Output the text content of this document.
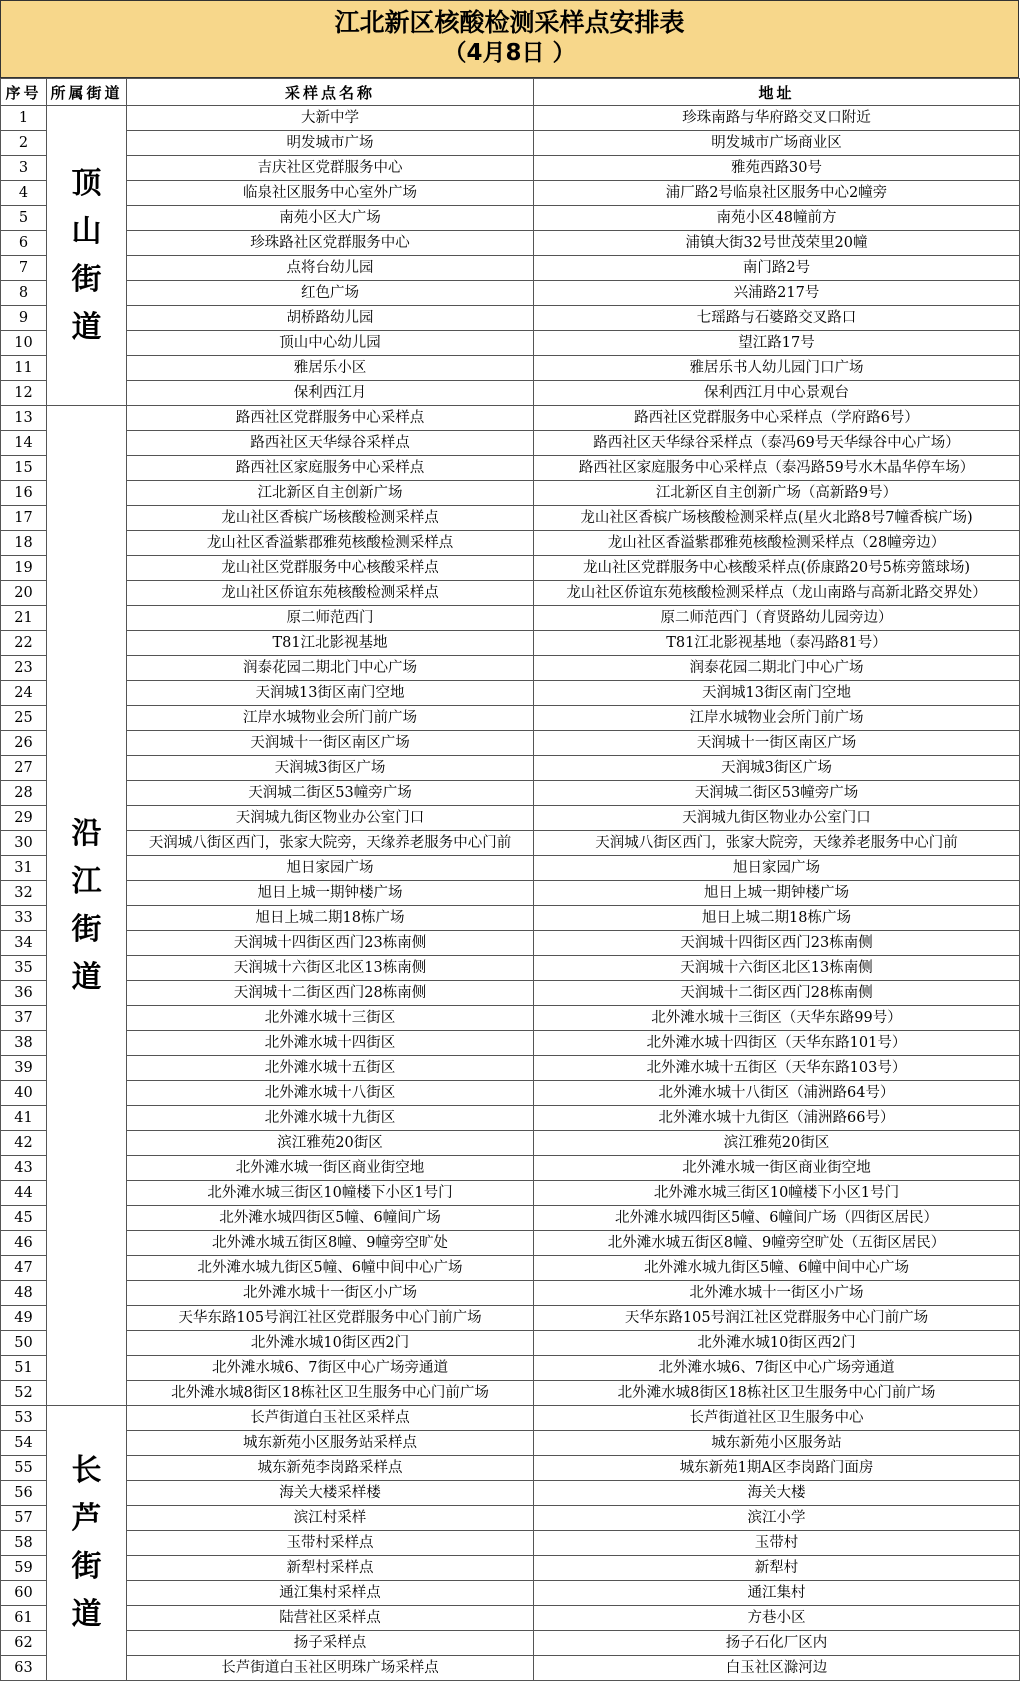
江北新区核酸检测采样点安排表
（4月8日 ）
序号	所属街道	采样点名称	地址
1	顶山街道	大新中学	珍珠南路与华府路交叉口附近
2		明发城市广场	明发城市广场商业区
3		吉庆社区党群服务中心	雅苑西路30号
4		临泉社区服务中心室外广场	浦厂路2号临泉社区服务中心2幢旁
5		南苑小区大广场	南苑小区48幢前方
6		珍珠路社区党群服务中心	浦镇大街32号世茂荣里20幢
7		点将台幼儿园	南门路2号
8		红色广场	兴浦路217号
9		胡桥路幼儿园	七瑶路与石婆路交叉路口
10		顶山中心幼儿园	望江路17号
11		雅居乐小区	雅居乐书人幼儿园门口广场
12		保利西江月	保利西江月中心景观台
13	沿江街道	路西社区党群服务中心采样点	路西社区党群服务中心采样点（学府路6号）
14		路西社区天华绿谷采样点	路西社区天华绿谷采样点（泰冯69号天华绿谷中心广场）
15		路西社区家庭服务中心采样点	路西社区家庭服务中心采样点（泰冯路59号水木晶华停车场）
16		江北新区自主创新广场	江北新区自主创新广场（高新路9号）
17		龙山社区香槟广场核酸检测采样点	龙山社区香槟广场核酸检测采样点(星火北路8号7幢香槟广场)
18		龙山社区香溢紫郡雅苑核酸检测采样点	龙山社区香溢紫郡雅苑核酸检测采样点（28幢旁边）
19		龙山社区党群服务中心核酸采样点	龙山社区党群服务中心核酸采样点(侨康路20号5栋旁篮球场)
20		龙山社区侨谊东苑核酸检测采样点	龙山社区侨谊东苑核酸检测采样点（龙山南路与高新北路交界处）
21		原二师范西门	原二师范西门（育贤路幼儿园旁边）
22		T81江北影视基地	T81江北影视基地（泰冯路81号）
23		润泰花园二期北门中心广场	润泰花园二期北门中心广场
24		天润城13街区南门空地	天润城13街区南门空地
25		江岸水城物业会所门前广场	江岸水城物业会所门前广场
26		天润城十一街区南区广场	天润城十一街区南区广场
27		天润城3街区广场	天润城3街区广场
28		天润城二街区53幢旁广场	天润城二街区53幢旁广场
29		天润城九街区物业办公室门口	天润城九街区物业办公室门口
30		天润城八街区西门，张家大院旁，天缘养老服务中心门前	天润城八街区西门，张家大院旁，天缘养老服务中心门前
31		旭日家园广场	旭日家园广场
32		旭日上城一期钟楼广场	旭日上城一期钟楼广场
33		旭日上城二期18栋广场	旭日上城二期18栋广场
34		天润城十四街区西门23栋南侧	天润城十四街区西门23栋南侧
35		天润城十六街区北区13栋南侧	天润城十六街区北区13栋南侧
36		天润城十二街区西门28栋南侧	天润城十二街区西门28栋南侧
37		北外滩水城十三街区	北外滩水城十三街区（天华东路99号）
38		北外滩水城十四街区	北外滩水城十四街区（天华东路101号）
39		北外滩水城十五街区	北外滩水城十五街区（天华东路103号）
40		北外滩水城十八街区	北外滩水城十八街区（浦洲路64号）
41		北外滩水城十九街区	北外滩水城十九街区（浦洲路66号）
42		滨江雅苑20街区	滨江雅苑20街区
43		北外滩水城一街区商业街空地	北外滩水城一街区商业街空地
44		北外滩水城三街区10幢楼下小区1号门	北外滩水城三街区10幢楼下小区1号门
45		北外滩水城四街区5幢、6幢间广场	北外滩水城四街区5幢、6幢间广场（四街区居民）
46		北外滩水城五街区8幢、9幢旁空旷处	北外滩水城五街区8幢、9幢旁空旷处（五街区居民）
47		北外滩水城九街区5幢、6幢中间中心广场	北外滩水城九街区5幢、6幢中间中心广场
48		北外滩水城十一街区小广场	北外滩水城十一街区小广场
49		天华东路105号润江社区党群服务中心门前广场	天华东路105号润江社区党群服务中心门前广场
50		北外滩水城10街区西2门	北外滩水城10街区西2门
51		北外滩水城6、7街区中心广场旁通道	北外滩水城6、7街区中心广场旁通道
52		北外滩水城8街区18栋社区卫生服务中心门前广场	北外滩水城8街区18栋社区卫生服务中心门前广场
53	长芦街道	长芦街道白玉社区采样点	长芦街道社区卫生服务中心
54		城东新苑小区服务站采样点	城东新苑小区服务站
55		城东新苑李岗路采样点	城东新苑1期A区李岗路门面房
56		海关大楼采样楼	海关大楼
57		滨江村采样	滨江小学
58		玉带村采样点	玉带村
59		新犁村采样点	新犁村
60		通江集村采样点	通江集村
61		陆营社区采样点	方巷小区
62		扬子采样点	扬子石化厂区内
63		长芦街道白玉社区明珠广场采样点	白玉社区滁河边
